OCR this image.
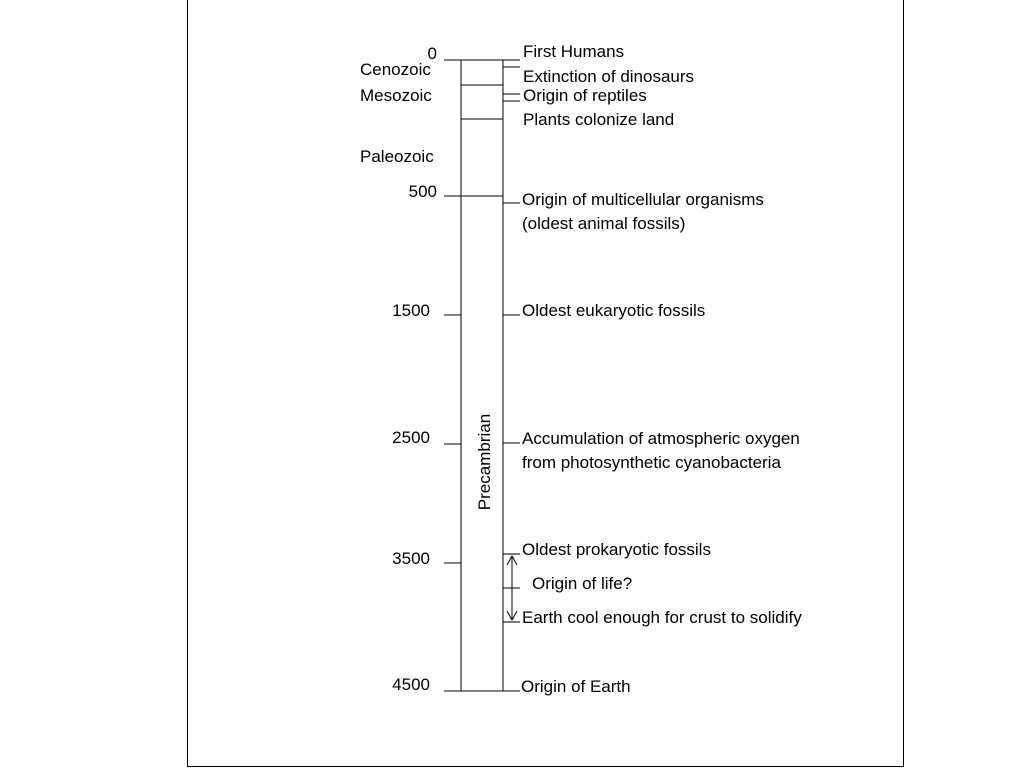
0
500
1500
2500
3500
4500
Cenozoic
Mesozoic
Paleozoic
Precambrian
First Humans
Extinction of dinosaurs
Origin of reptiles
Plants colonize land
Origin of multicellular organisms
(oldest animal fossils)
Oldest eukaryotic fossils
Accumulation of atmospheric oxygen
from photosynthetic cyanobacteria
Oldest prokaryotic fossils
Origin of life?
Earth cool enough for crust to solidify
Origin of Earth
